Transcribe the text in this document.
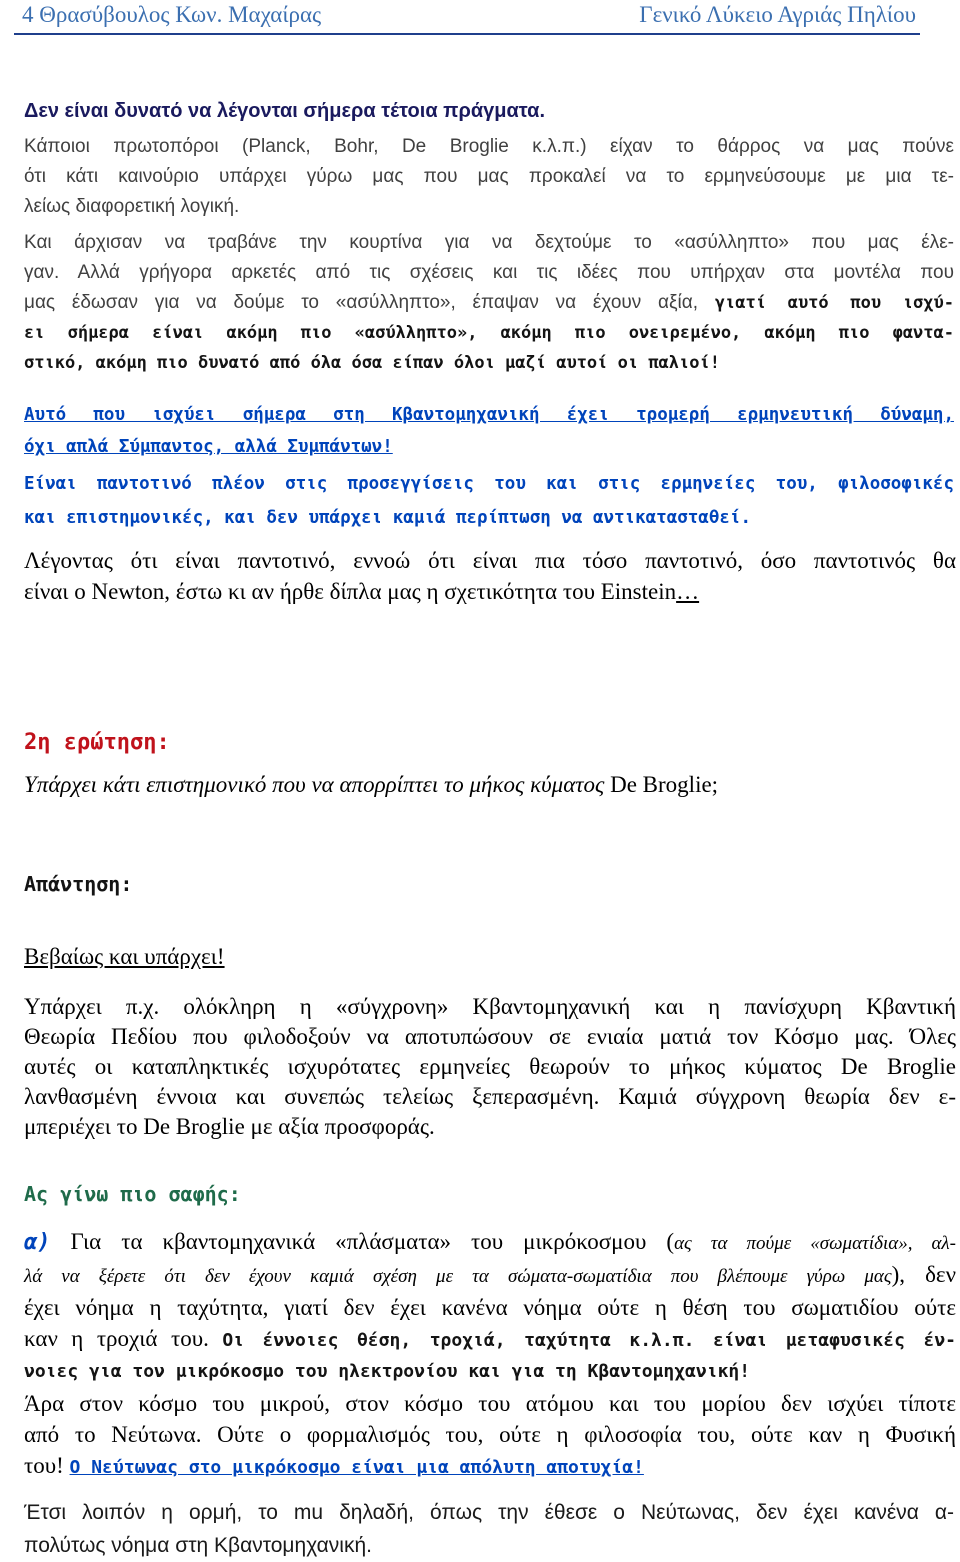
4 Θρασύβουλος Κων. Μαχαίρας	Γενικό Λύκειο Αγριάς Πηλίου
Δεν είναι δυνατό να λέγονται σήμερα τέτοια πράγματα.
Κάποιοι πρωτοπόροι (Planck, Bohr, De Broglie κ.λ.π.) είχαν το θάρρος να μας πούνε
ότι κάτι καινούριο υπάρχει γύρω μας που μας προκαλεί να το ερμηνεύσουμε με μια τε-
λείως διαφορετική λογική.
Και άρχισαν να τραβάνε την κουρτίνα για να δεχτούμε το «ασύλληπτο» που μας έλε-
γαν. Αλλά γρήγορα αρκετές από τις σχέσεις και τις ιδέες που υπήρχαν στα μοντέλα που
μας έδωσαν για να δούμε το «ασύλληπτο», έπαψαν να έχουν αξία, γιατί αυτό που ισχύ-
ει σήμερα είναι ακόμη πιο «ασύλληπτο», ακόμη πιο ονειρεμένο, ακόμη πιο φαντα-
στικό, ακόμη πιο δυνατό από όλα όσα είπαν όλοι μαζί αυτοί οι παλιοί!
Αυτό που ισχύει σήμερα στη Κβαντομηχανική έχει τρομερή ερμηνευτική δύναμη,
όχι απλά Σύμπαντος, αλλά Συμπάντων!
Είναι παντοτινό πλέον στις προσεγγίσεις του και στις ερμηνείες του, φιλοσοφικές
και επιστημονικές, και δεν υπάρχει καμιά περίπτωση να αντικατασταθεί.
Λέγοντας ότι είναι παντοτινό, εννοώ ότι είναι πια τόσο παντοτινό, όσο παντοτινός θα
είναι ο Newton, έστω κι αν ήρθε δίπλα μας η σχετικότητα του Einstein…
2η ερώτηση:
Υπάρχει κάτι επιστημονικό που να απορρίπτει το μήκος κύματος De Broglie;
Απάντηση:
Βεβαίως και υπάρχει!
Υπάρχει π.χ. ολόκληρη η «σύγχρονη» Κβαντομηχανική και η πανίσχυρη Κβαντική
Θεωρία Πεδίου που φιλοδοξούν να αποτυπώσουν σε ενιαία ματιά τον Κόσμο μας. Όλες
αυτές οι καταπληκτικές ισχυρότατες ερμηνείες θεωρούν το μήκος κύματος De Broglie
λανθασμένη έννοια και συνεπώς τελείως ξεπερασμένη. Καμιά σύγχρονη θεωρία δεν ε-
μπεριέχει το De Broglie με αξία προσφοράς.
Ας γίνω πιο σαφής:
α) Για τα κβαντομηχανικά «πλάσματα» του μικρόκοσμου (ας τα πούμε «σωματίδια», αλ-
λά να ξέρετε ότι δεν έχουν καμιά σχέση με τα σώματα-σωματίδια που βλέπουμε γύρω μας), δεν
έχει νόημα η ταχύτητα, γιατί δεν έχει κανένα νόημα ούτε η θέση του σωματιδίου ούτε
καν η τροχιά του. Οι έννοιες θέση, τροχιά, ταχύτητα κ.λ.π. είναι μεταφυσικές έν-
νοιες για τον μικρόκοσμο του ηλεκτρονίου και για τη Κβαντομηχανική!
Άρα στον κόσμο του μικρού, στον κόσμο του ατόμου και του μορίου δεν ισχύει τίποτε
από το Νεύτωνα. Ούτε ο φορμαλισμός του, ούτε η φιλοσοφία του, ούτε καν η Φυσική
του! Ο Νεύτωνας στο μικρόκοσμο είναι μια απόλυτη αποτυχία!
Έτσι λοιπόν η ορμή, το mu δηλαδή, όπως την έθεσε ο Νεύτωνας, δεν έχει κανένα α-
πολύτως νόημα στη Κβαντομηχανική.
